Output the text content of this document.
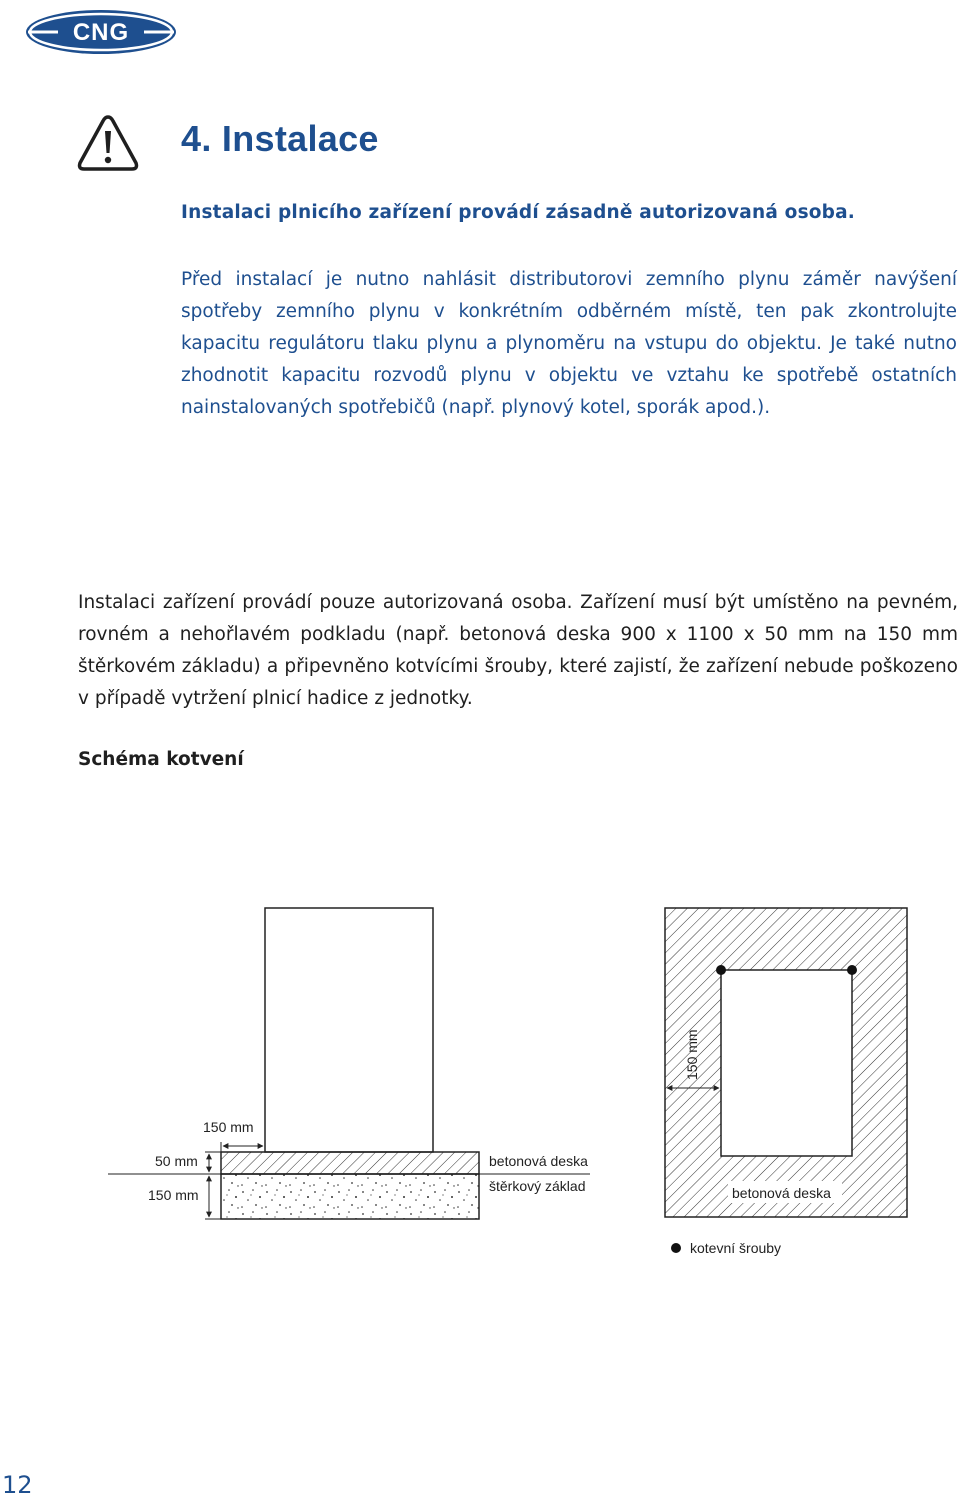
CNG
4. Instalace

Instalaci plnicího zařízení provádí zásadně autorizovaná osoba.

Před instalací je nutno nahlásit distributorovi zemního plynu záměr navýšení spotřeby zemního plynu v konkrétním odběrném místě, ten pak zkontrolujte kapacitu regulátoru tlaku plynu a plynoměru na vstupu do objektu. Je také nutno zhodnotit kapacitu rozvodů plynu v objektu ve vztahu ke spotřebě ostatních nainstalovaných spotřebičů (např. plynový kotel, sporák apod.).

Instalaci zařízení provádí pouze autorizovaná osoba. Zařízení musí být umístěno na pevném, rovném a nehořlavém podkladu (např. betonová deska 900 x 1100 x 50 mm na 150 mm štěrkovém základu) a připevněno kotvícími šrouby, které zajistí, že zařízení nebude poškozeno v případě vytržení plnicí hadice z jednotky.

Schéma kotvení

150 mm
50 mm
150 mm
betonová deska
štěrkový základ
150 mm
betonová deska
kotevní šrouby
12
